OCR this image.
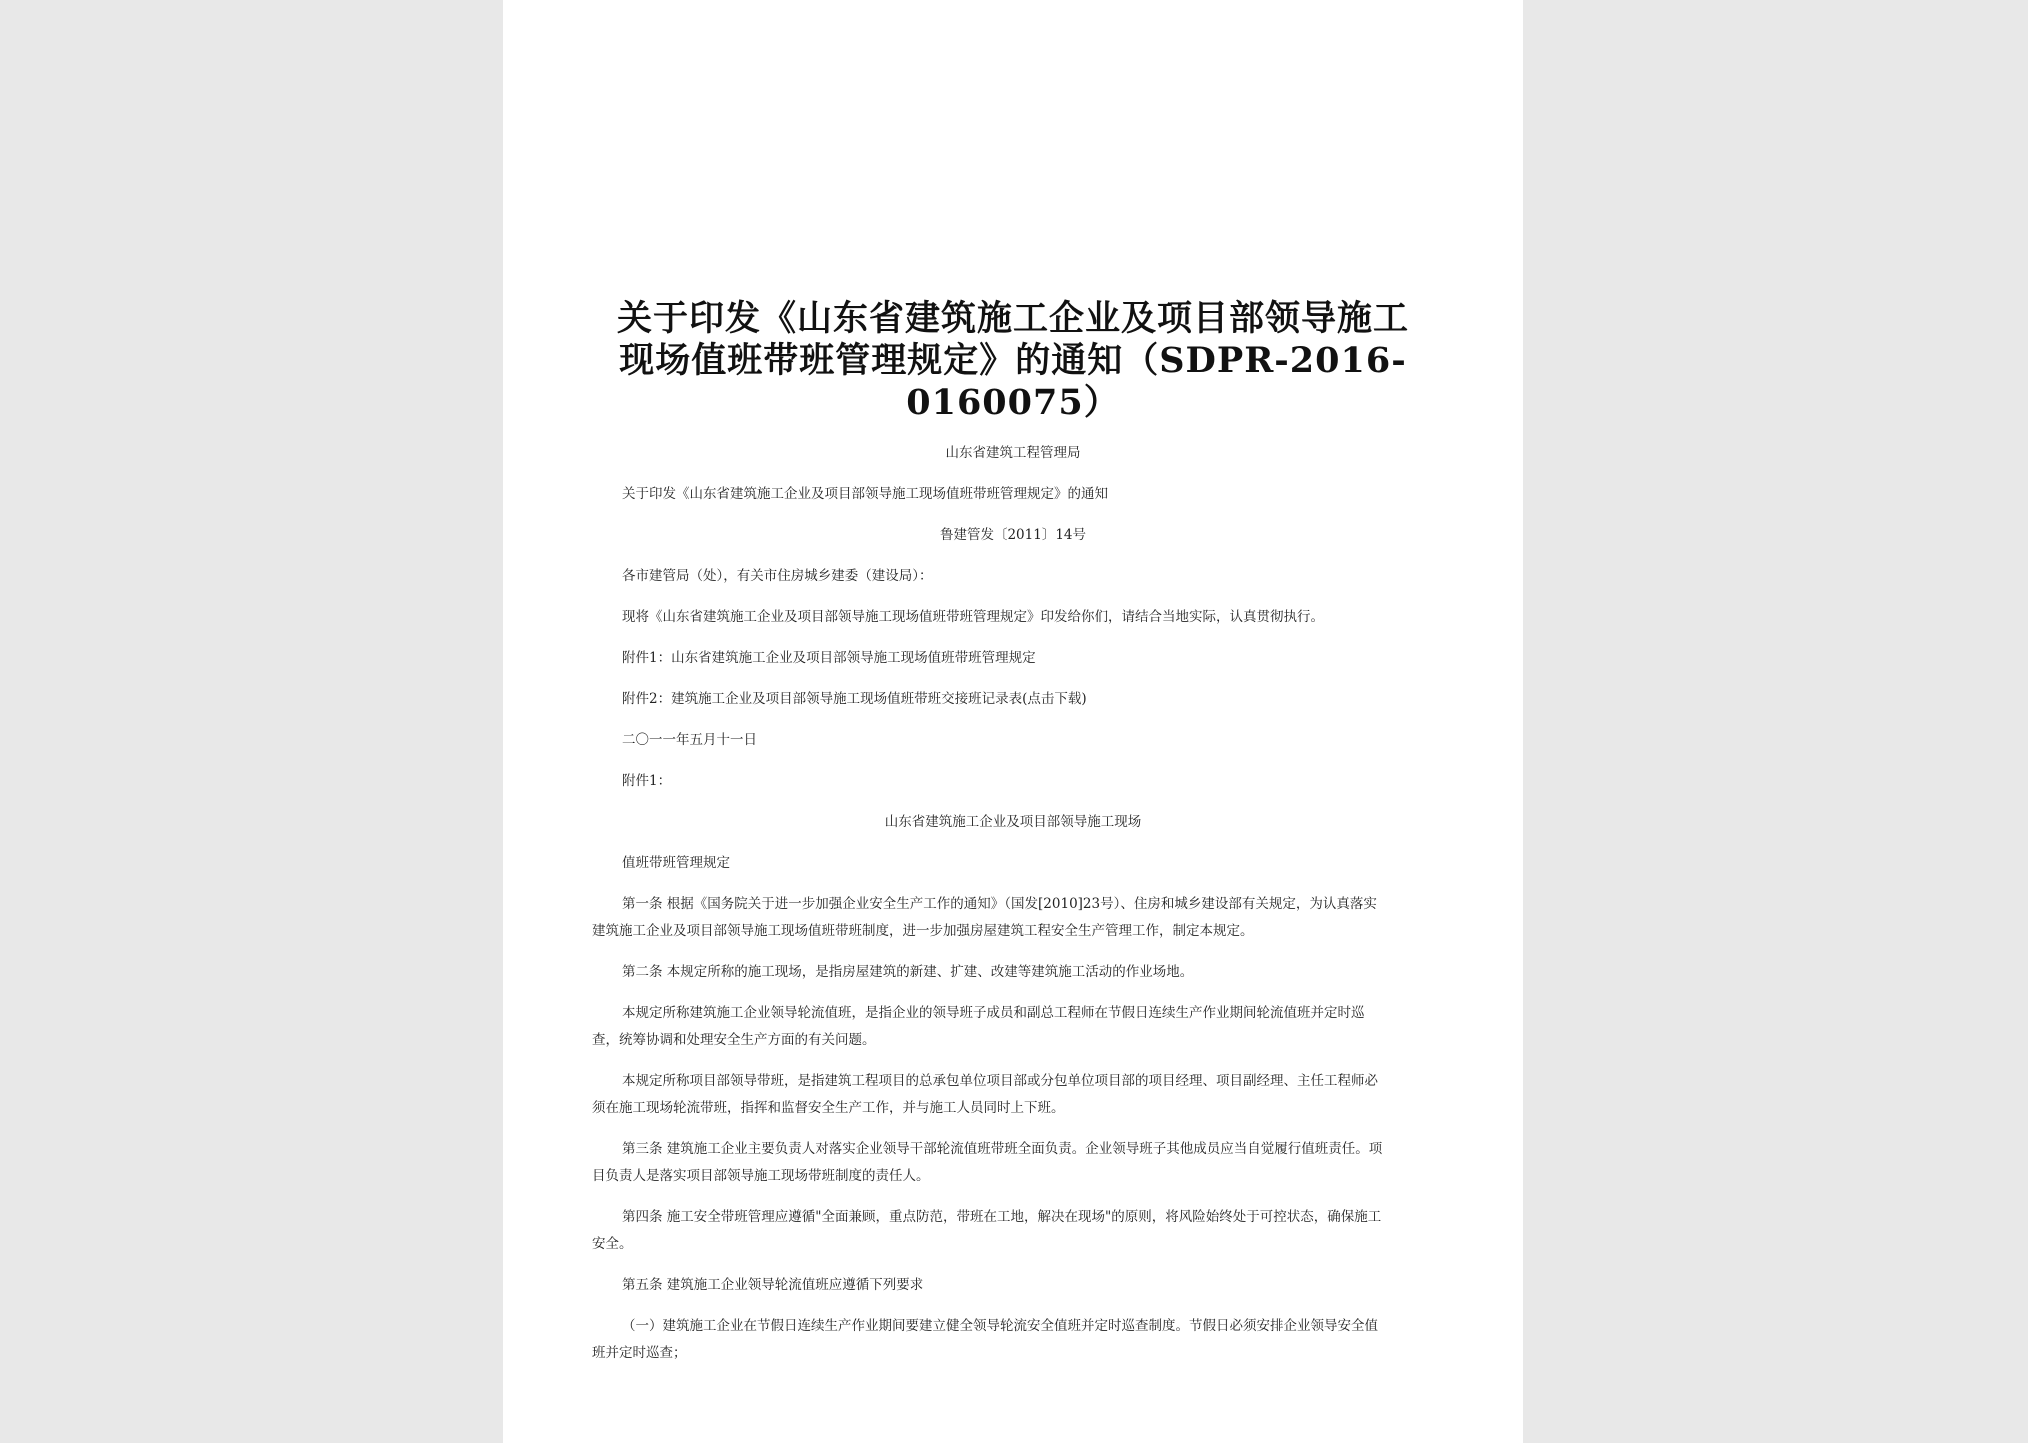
关于印发《山东省建筑施工企业及项目部领导施工
现场值班带班管理规定》的通知（SDPR-2016-
0160075）
山东省建筑工程管理局
关于印发《山东省建筑施工企业及项目部领导施工现场值班带班管理规定》的通知
鲁建管发〔2011〕14号
各市建管局（处），有关市住房城乡建委（建设局）：
现将《山东省建筑施工企业及项目部领导施工现场值班带班管理规定》印发给你们，请结合当地实际，认真贯彻执行。
附件1：山东省建筑施工企业及项目部领导施工现场值班带班管理规定
附件2：建筑施工企业及项目部领导施工现场值班带班交接班记录表(点击下载)
二〇一一年五月十一日
附件1：
山东省建筑施工企业及项目部领导施工现场
值班带班管理规定
第一条 根据《国务院关于进一步加强企业安全生产工作的通知》（国发[2010]23号）、住房和城乡建设部有关规定，为认真落实
建筑施工企业及项目部领导施工现场值班带班制度，进一步加强房屋建筑工程安全生产管理工作，制定本规定。
第二条 本规定所称的施工现场，是指房屋建筑的新建、扩建、改建等建筑施工活动的作业场地。
本规定所称建筑施工企业领导轮流值班，是指企业的领导班子成员和副总工程师在节假日连续生产作业期间轮流值班并定时巡
查，统筹协调和处理安全生产方面的有关问题。
本规定所称项目部领导带班，是指建筑工程项目的总承包单位项目部或分包单位项目部的项目经理、项目副经理、主任工程师必
须在施工现场轮流带班，指挥和监督安全生产工作，并与施工人员同时上下班。
第三条 建筑施工企业主要负责人对落实企业领导干部轮流值班带班全面负责。企业领导班子其他成员应当自觉履行值班责任。项
目负责人是落实项目部领导施工现场带班制度的责任人。
第四条 施工安全带班管理应遵循"全面兼顾，重点防范，带班在工地，解决在现场"的原则，将风险始终处于可控状态，确保施工
安全。
第五条 建筑施工企业领导轮流值班应遵循下列要求
（一）建筑施工企业在节假日连续生产作业期间要建立健全领导轮流安全值班并定时巡查制度。节假日必须安排企业领导安全值
班并定时巡查；
